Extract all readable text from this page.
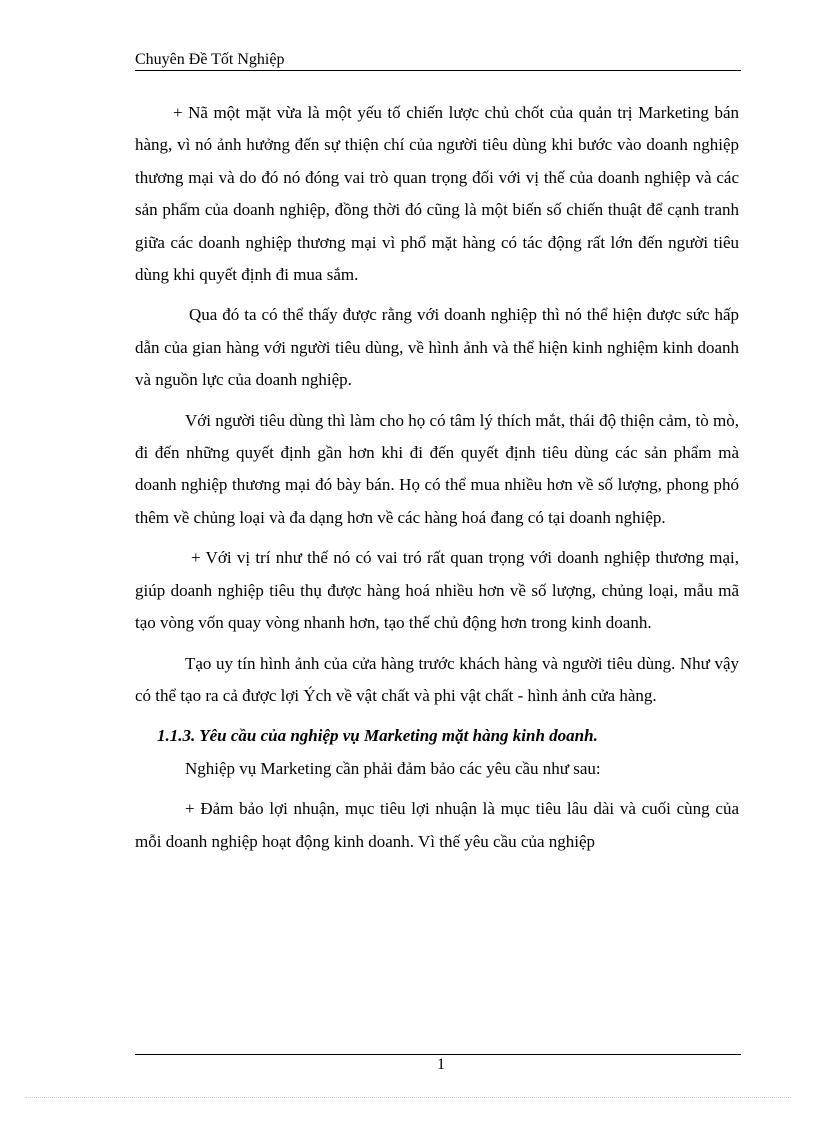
Chuyên Đề Tốt Nghiệp

+ Nã một mặt vừa là một yếu tố chiến lược chủ chốt của quản trị Marketing bán hàng, vì nó ảnh hưởng đến sự thiện chí của người tiêu dùng khi bước vào doanh nghiệp thương mại và do đó nó đóng vai trò quan trọng đối với vị thế của doanh nghiệp và các sản phẩm của doanh nghiệp, đồng thời đó cũng là một biến số chiến thuật để cạnh tranh giữa các doanh nghiệp thương mại vì phổ mặt hàng có tác động rất lớn đến người tiêu dùng khi quyết định đi mua sắm.

Qua đó ta có thể thấy được rằng với doanh nghiệp thì nó thể hiện được sức hấp dẫn của gian hàng với người tiêu dùng, về hình ảnh và thể hiện kinh nghiệm kinh doanh và nguồn lực của doanh nghiệp.

Với người tiêu dùng thì làm cho họ có tâm lý thích mắt, thái độ thiện cảm, tò mò, đi đến những quyết định gần hơn khi đi đến quyết định tiêu dùng các sản phẩm mà doanh nghiệp thương mại đó bày bán. Họ có thể mua nhiều hơn về số lượng, phong phó thêm về chủng loại và đa dạng hơn về các hàng hoá đang có tại doanh nghiệp.

+ Với vị trí như thế nó có vai tró rất quan trọng với doanh nghiệp thương mại, giúp doanh nghiệp tiêu thụ được hàng hoá nhiều hơn về số lượng, chủng loại, mẫu mã tạo vòng vốn quay vòng nhanh hơn, tạo thế chủ động hơn trong kinh doanh.

Tạo uy tín hình ảnh của cửa hàng trước khách hàng và người tiêu dùng. Như vậy có thể tạo ra cả được lợi Ých về vật chất và phi vật chất - hình ảnh cửa hàng.

1.1.3. Yêu cầu của nghiệp vụ Marketing mặt hàng kinh doanh.

Nghiệp vụ Marketing cần phải đảm bảo các yêu cầu như sau:

+ Đảm bảo lợi nhuận, mục tiêu lợi nhuận là mục tiêu lâu dài và cuối cùng của mỗi doanh nghiệp hoạt động kinh doanh. Vì thế yêu cầu của nghiệp

1
